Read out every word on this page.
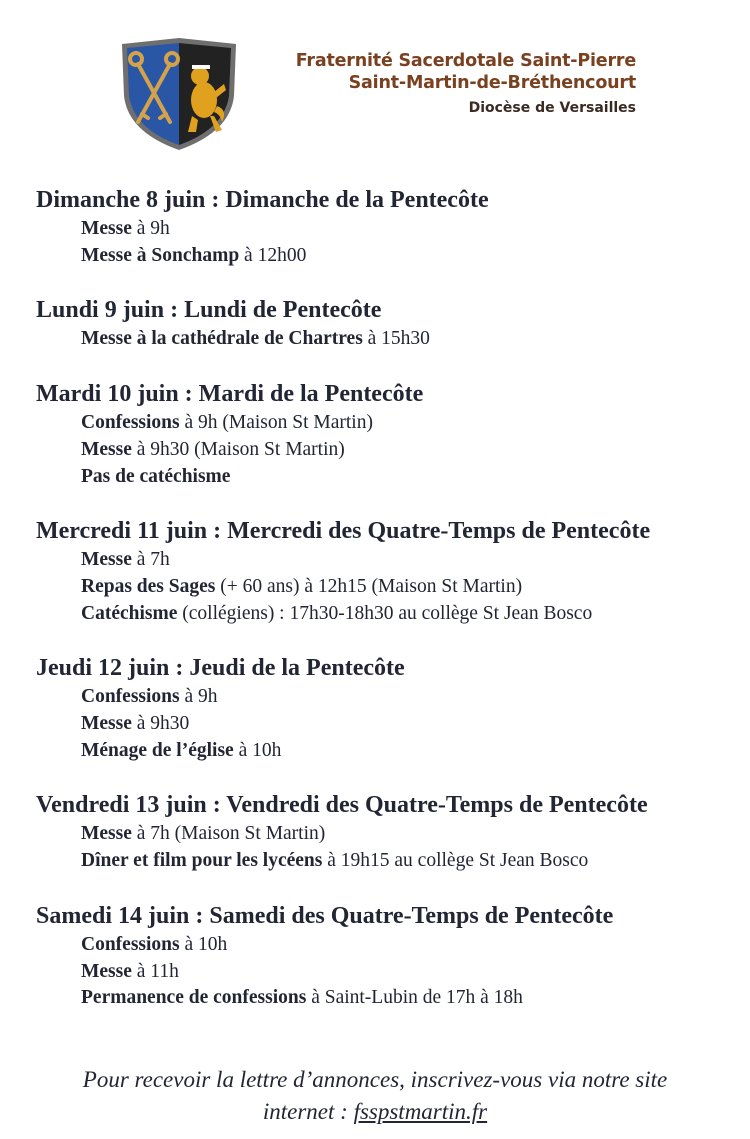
Fraternité Sacerdotale Saint-Pierre
Saint-Martin-de-Bréthencourt
Diocèse de Versailles
Dimanche 8 juin : Dimanche de la Pentecôte
Messe à 9h
Messe à Sonchamp à 12h00
Lundi 9 juin : Lundi de Pentecôte
Messe à la cathédrale de Chartres à 15h30
Mardi 10 juin : Mardi de la Pentecôte
Confessions à 9h (Maison St Martin)
Messe à 9h30 (Maison St Martin)
Pas de catéchisme
Mercredi 11 juin : Mercredi des Quatre-Temps de Pentecôte
Messe à 7h
Repas des Sages (+ 60 ans) à 12h15 (Maison St Martin)
Catéchisme (collégiens) : 17h30-18h30 au collège St Jean Bosco
Jeudi 12 juin : Jeudi de la Pentecôte
Confessions à 9h
Messe à 9h30
Ménage de l’église à 10h
Vendredi 13 juin : Vendredi des Quatre-Temps de Pentecôte
Messe à 7h (Maison St Martin)
Dîner et film pour les lycéens à 19h15 au collège St Jean Bosco
Samedi 14 juin : Samedi des Quatre-Temps de Pentecôte
Confessions à 10h
Messe à 11h
Permanence de confessions à Saint-Lubin de 17h à 18h
Pour recevoir la lettre d’annonces, inscrivez-vous via notre site
internet : fsspstmartin.fr
